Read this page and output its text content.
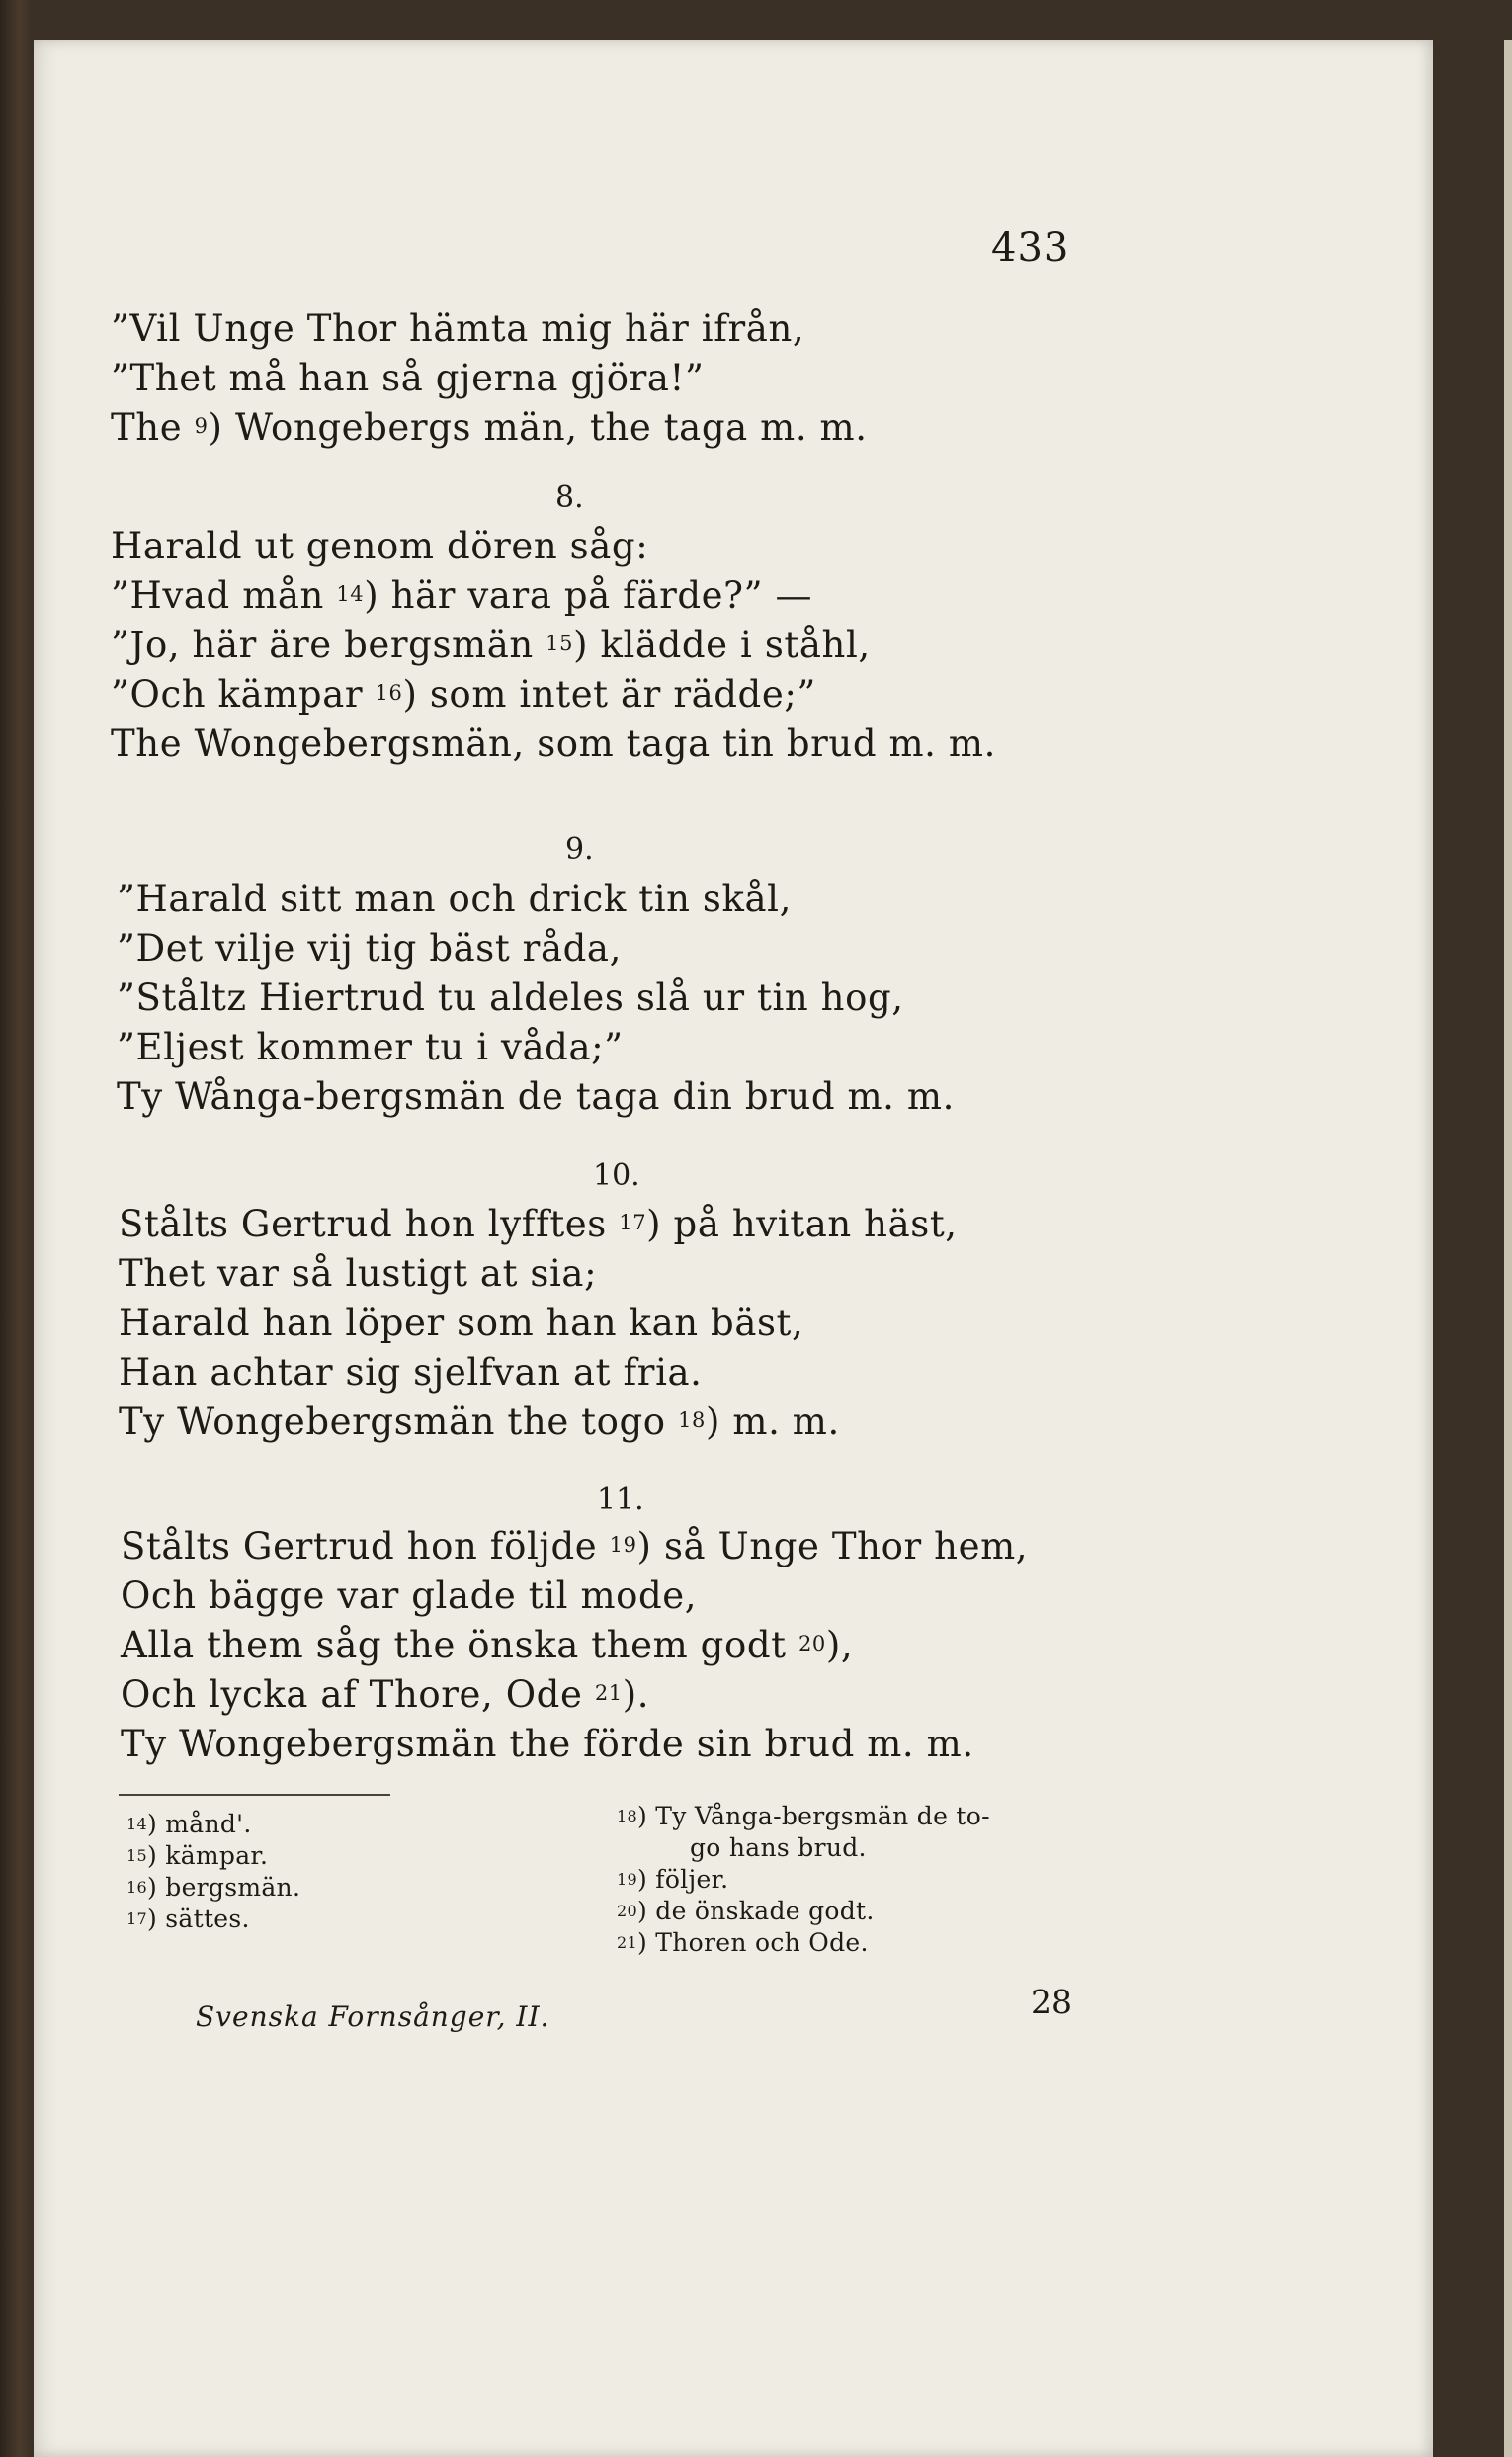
433
”Vil Unge Thor hämta mig här ifrån,
”Thet må han så gjerna gjöra!”
The $^9$) Wongebergs män, the taga m. m.
8.
Harald ut genom dören såg:
”Hvad mån $^{14}$) här vara på färde?” —
”Jo, här äre bergsmän $^{15}$) klädde i ståhl,
”Och kämpar $^{16}$) som intet är rädde;”
The Wongebergsmän, som taga tin brud m. m.
9.
”Harald sitt man och drick tin skål,
”Det vilje vij tig bäst råda,
”Ståltz Hiertrud tu aldeles slå ur tin hog,
”Eljest kommer tu i våda;”
Ty Wånga-bergsmän de taga din brud m. m.
10.
Stålts Gertrud hon lyfftes $^{17}$) på hvitan häst,
Thet var så lustigt at sia;
Harald han löper som han kan bäst,
Han achtar sig sjelfvan at fria.
Ty Wongebergsmän the togo $^{18}$) m. m.
11.
Stålts Gertrud hon följde $^{19}$) så Unge Thor hem,
Och bägge var glade til mode,
Alla them såg the önska them godt $^{20}$),
Och lycka af Thore, Ode $^{21}$).
Ty Wongebergsmän the förde sin brud m. m.
$^{14}$) månd'.
$^{15}$) kämpar.
$^{16}$) bergsmän.
$^{17}$) sättes.
$^{18}$) Ty Vånga-bergsmän de to-
go hans brud.
$^{19}$) följer.
$^{20}$) de önskade godt.
$^{21}$) Thoren och Ode.
Svenska Fornsånger, II.	28
